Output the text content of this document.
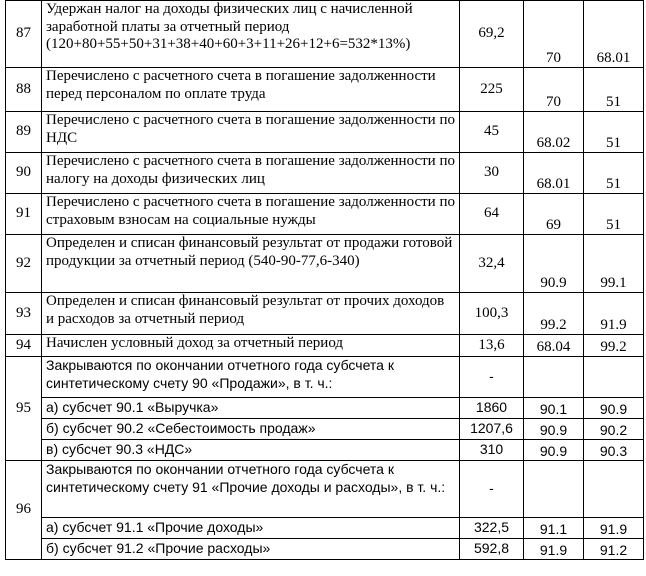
87	Удержан налог на доходы физических лиц с начисленной заработной платы за отчетный период (120+80+55+50+31+38+40+60+3+11+26+12+6=532*13%)	69,2	70	68.01
88	Перечислено с расчетного счета в погашение задолженности перед персоналом по оплате труда	225	70	51
89	Перечислено с расчетного счета в погашение задолженности по НДС	45	68.02	51
90	Перечислено с расчетного счета в погашение задолженности по налогу на доходы физических лиц	30	68.01	51
91	Перечислено с расчетного счета в погашение задолженности по страховым взносам на социальные нужды	64	69	51
92	Определен и списан финансовый результат от продажи готовой продукции за отчетный период (540-90-77,6-340)	32,4	90.9	99.1
93	Определен и списан финансовый результат от прочих доходов и расходов за отчетный период	100,3	99.2	91.9
94	Начислен условный доход за отчетный период	13,6	68.04	99.2
95	Закрываются по окончании отчетного года субсчета к синтетическому счету 90 «Продажи», в т. ч.:	-		
	а) субсчет 90.1 «Выручка»	1860	90.1	90.9
	б) субсчет 90.2 «Себестоимость продаж»	1207,6	90.9	90.2
	в) субсчет 90.3 «НДС»	310	90.9	90.3
96	Закрываются по окончании отчетного года субсчета к синтетическому счету 91 «Прочие доходы и расходы», в т. ч.:	-		
	а) субсчет 91.1 «Прочие доходы»	322,5	91.1	91.9
	б) субсчет 91.2 «Прочие расходы»	592,8	91.9	91.2
